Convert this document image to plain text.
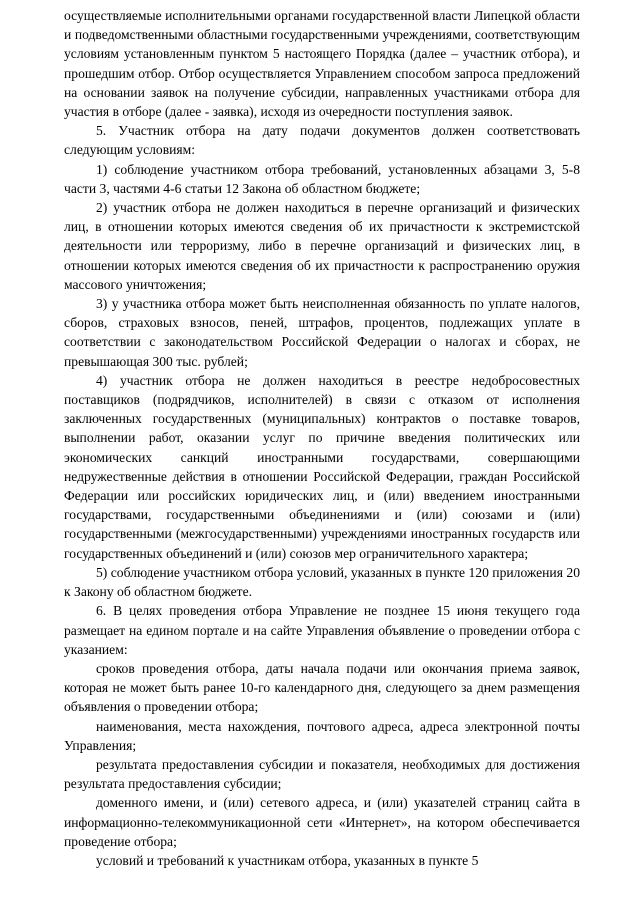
осуществляемые исполнительными органами государственной власти Липецкой области и подведомственными областными государственными учреждениями, соответствующим условиям установленным пунктом 5 настоящего Порядка (далее – участник отбора), и прошедшим отбор. Отбор осуществляется Управлением способом запроса предложений на основании заявок на получение субсидии, направленных участниками отбора для участия в отборе (далее - заявка), исходя из очередности поступления заявок.

5. Участник отбора на дату подачи документов должен соответствовать следующим условиям:

1) соблюдение участником отбора требований, установленных абзацами 3, 5-8 части 3, частями 4-6 статьи 12 Закона об областном бюджете;

2) участник отбора не должен находиться в перечне организаций и физических лиц, в отношении которых имеются сведения об их причастности к экстремистской деятельности или терроризму, либо в перечне организаций и физических лиц, в отношении которых имеются сведения об их причастности к распространению оружия массового уничтожения;

3) у участника отбора может быть неисполненная обязанность по уплате налогов, сборов, страховых взносов, пеней, штрафов, процентов, подлежащих уплате в соответствии с законодательством Российской Федерации о налогах и сборах, не превышающая 300 тыс. рублей;

4) участник отбора не должен находиться в реестре недобросовестных поставщиков (подрядчиков, исполнителей) в связи с отказом от исполнения заключенных государственных (муниципальных) контрактов о поставке товаров, выполнении работ, оказании услуг по причине введения политических или экономических санкций иностранными государствами, совершающими недружественные действия в отношении Российской Федерации, граждан Российской Федерации или российских юридических лиц, и (или) введением иностранными государствами, государственными объединениями и (или) союзами и (или) государственными (межгосударственными) учреждениями иностранных государств или государственных объединений и (или) союзов мер ограничительного характера;

5) соблюдение участником отбора условий, указанных в пункте 120 приложения 20 к Закону об областном бюджете.

6. В целях проведения отбора Управление не позднее 15 июня текущего года размещает на едином портале и на сайте Управления объявление о проведении отбора с указанием:

сроков проведения отбора, даты начала подачи или окончания приема заявок, которая не может быть ранее 10-го календарного дня, следующего за днем размещения объявления о проведении отбора;

наименования, места нахождения, почтового адреса, адреса электронной почты Управления;

результата предоставления субсидии и показателя, необходимых для достижения результата предоставления субсидии;

доменного имени, и (или) сетевого адреса, и (или) указателей страниц сайта в информационно-телекоммуникационной сети «Интернет», на котором обеспечивается проведение отбора;

условий и требований к участникам отбора, указанных в пункте 5
